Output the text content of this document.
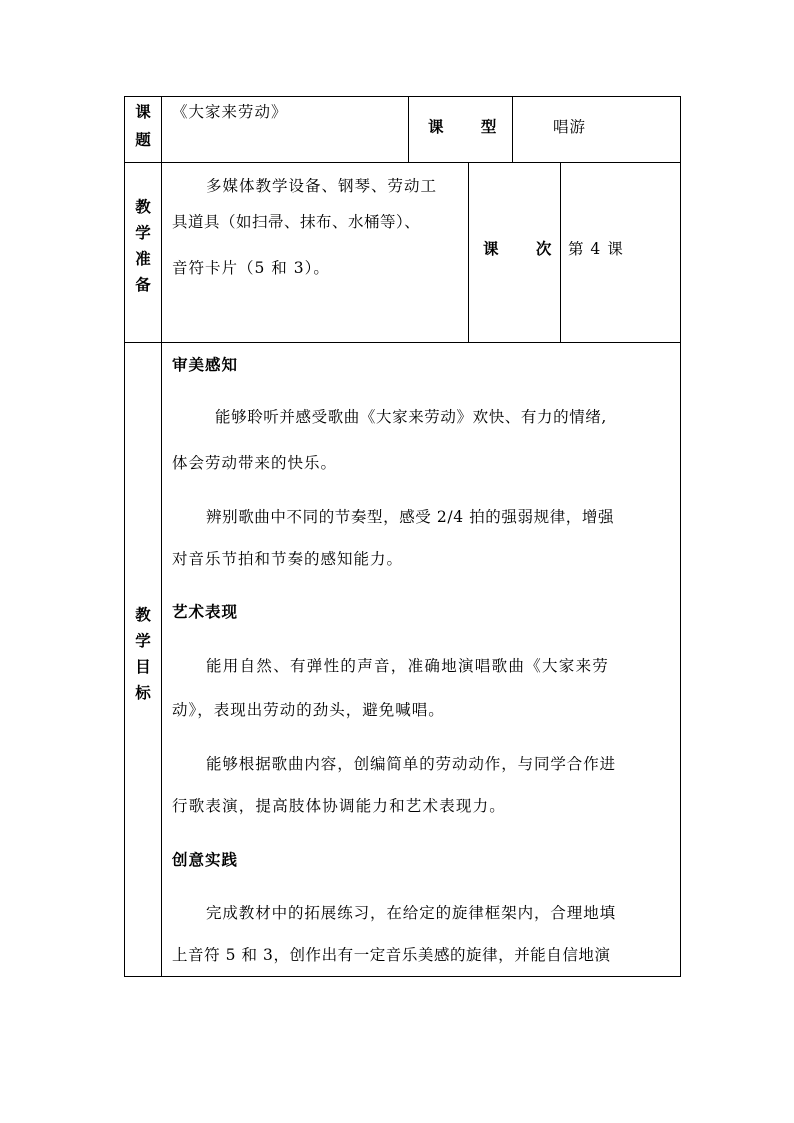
课
题
《大家来劳动》
课 型	唱游
教
学
准
备
多媒体教学设备、钢琴、劳动工
具道具（如扫帚、抹布、水桶等）、
音符卡片（5 和 3）。
课 次 第 4 课
教
学
目
标
审美感知
能够聆听并感受歌曲《大家来劳动》欢快、有力的情绪,
体会劳动带来的快乐。
辨别歌曲中不同的节奏型，感受 2/4 拍的强弱规律，增强
对音乐节拍和节奏的感知能力。
艺术表现
能用自然、有弹性的声音，准确地演唱歌曲《大家来劳
动》，表现出劳动的劲头，避免喊唱。
能够根据歌曲内容，创编简单的劳动动作，与同学合作进
行歌表演，提高肢体协调能力和艺术表现力。
创意实践
完成教材中的拓展练习，在给定的旋律框架内，合理地填
上音符 5 和 3，创作出有一定音乐美感的旋律，并能自信地演
